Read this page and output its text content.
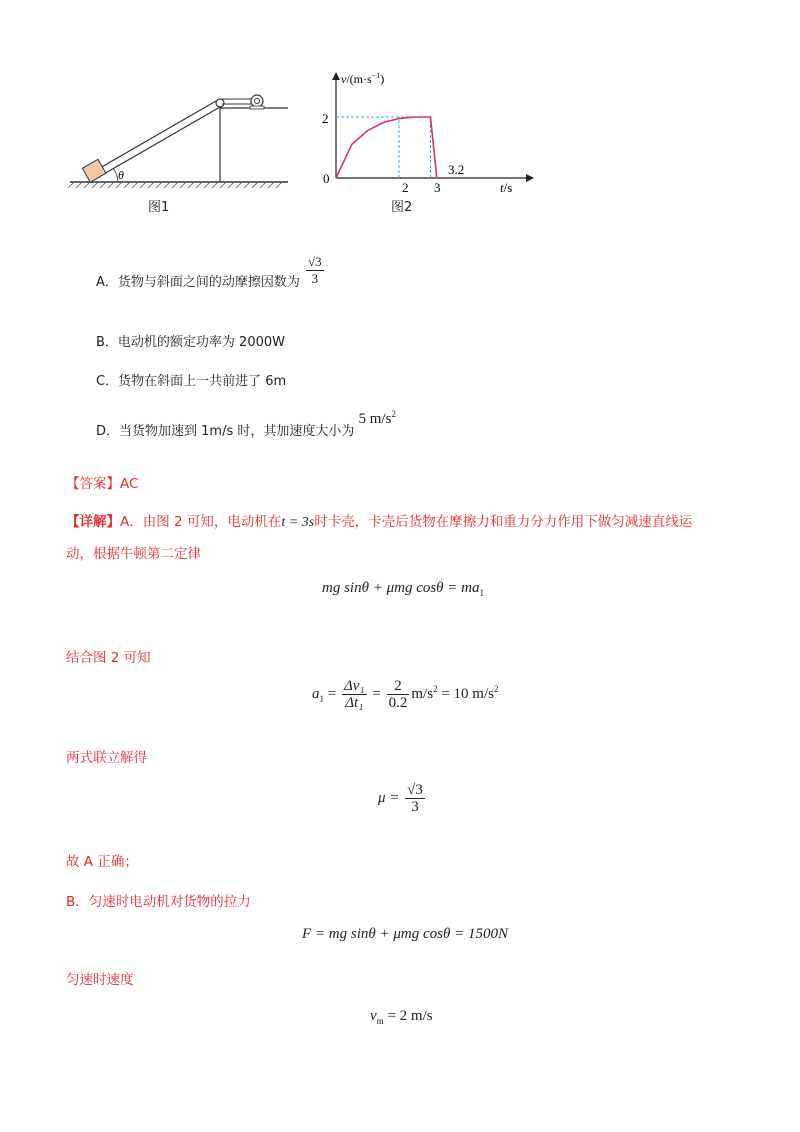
θ
图1
$v/(m\cdot s^{-1})$
2
0
2 3
3.2
t/s
图2
A．货物与斜面之间的动摩擦因数为 $\frac{√3}{3}$
B．电动机的额定功率为 2000W
C．货物在斜面上一共前进了 6m
D．当货物加速到 1m/s 时，其加速度大小为 5 $m/s^2$
【答案】AC
【详解】A．由图 2 可知，电动机在t = 3s时卡壳，卡壳后货物在摩擦力和重力分力作用下做匀减速直线运
动，根据牛顿第二定律
mg sinθ + μmg $\cos\theta = ma_1$
结合图 2 可知
$a_1 = \frac{\text{Δv₁}}{\text{Δt₁}} = \frac{2}{0.2} m/s^2 = 10$ $m/s^2$
两式联立解得
$\mu = \frac{√3}{3}$
故 A 正确；
B．匀速时电动机对货物的拉力
F = mg sinθ + μmg cosθ = 1500N
匀速时速度
$v_m = 2$ m/s
